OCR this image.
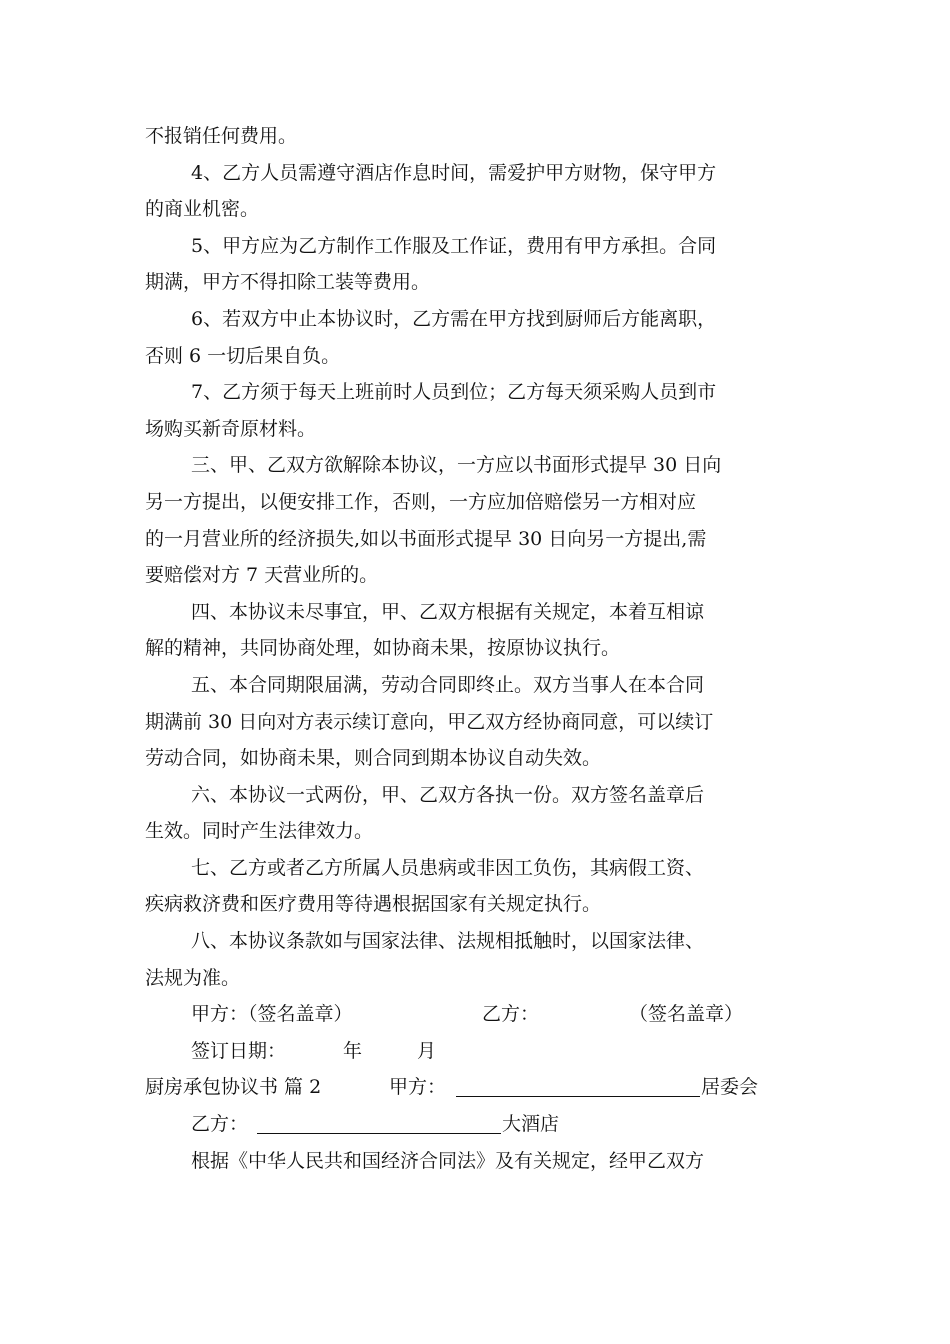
不报销任何费用。
4、乙方人员需遵守酒店作息时间，需爱护甲方财物，保守甲方
的商业机密。
5、甲方应为乙方制作工作服及工作证，费用有甲方承担。合同
期满，甲方不得扣除工装等费用。
6、若双方中止本协议时，乙方需在甲方找到厨师后方能离职，
否则 6 一切后果自负。
7、乙方须于每天上班前时人员到位；乙方每天须采购人员到市
场购买新奇原材料。
三、甲、乙双方欲解除本协议，一方应以书面形式提早 30 日向
另一方提出，以便安排工作，否则，一方应加倍赔偿另一方相对应
的一月营业所的经济损失,如以书面形式提早 30 日向另一方提出,需
要赔偿对方 7 天营业所的。
四、本协议未尽事宜，甲、乙双方根据有关规定，本着互相谅
解的精神，共同协商处理，如协商未果，按原协议执行。
五、本合同期限届满，劳动合同即终止。双方当事人在本合同
期满前 30 日向对方表示续订意向，甲乙双方经协商同意，可以续订
劳动合同，如协商未果，则合同到期本协议自动失效。
六、本协议一式两份，甲、乙双方各执一份。双方签名盖章后
生效。同时产生法律效力。
七、乙方或者乙方所属人员患病或非因工负伤，其病假工资、
疾病救济费和医疗费用等待遇根据国家有关规定执行。
八、本协议条款如与国家法律、法规相抵触时，以国家法律、
法规为准。
甲方：（签名盖章）	乙方：	（签名盖章）
签订日期：	年	月
厨房承包协议书 篇 2	甲方：	居委会
乙方：	大酒店
根据《中华人民共和国经济合同法》及有关规定，经甲乙双方
